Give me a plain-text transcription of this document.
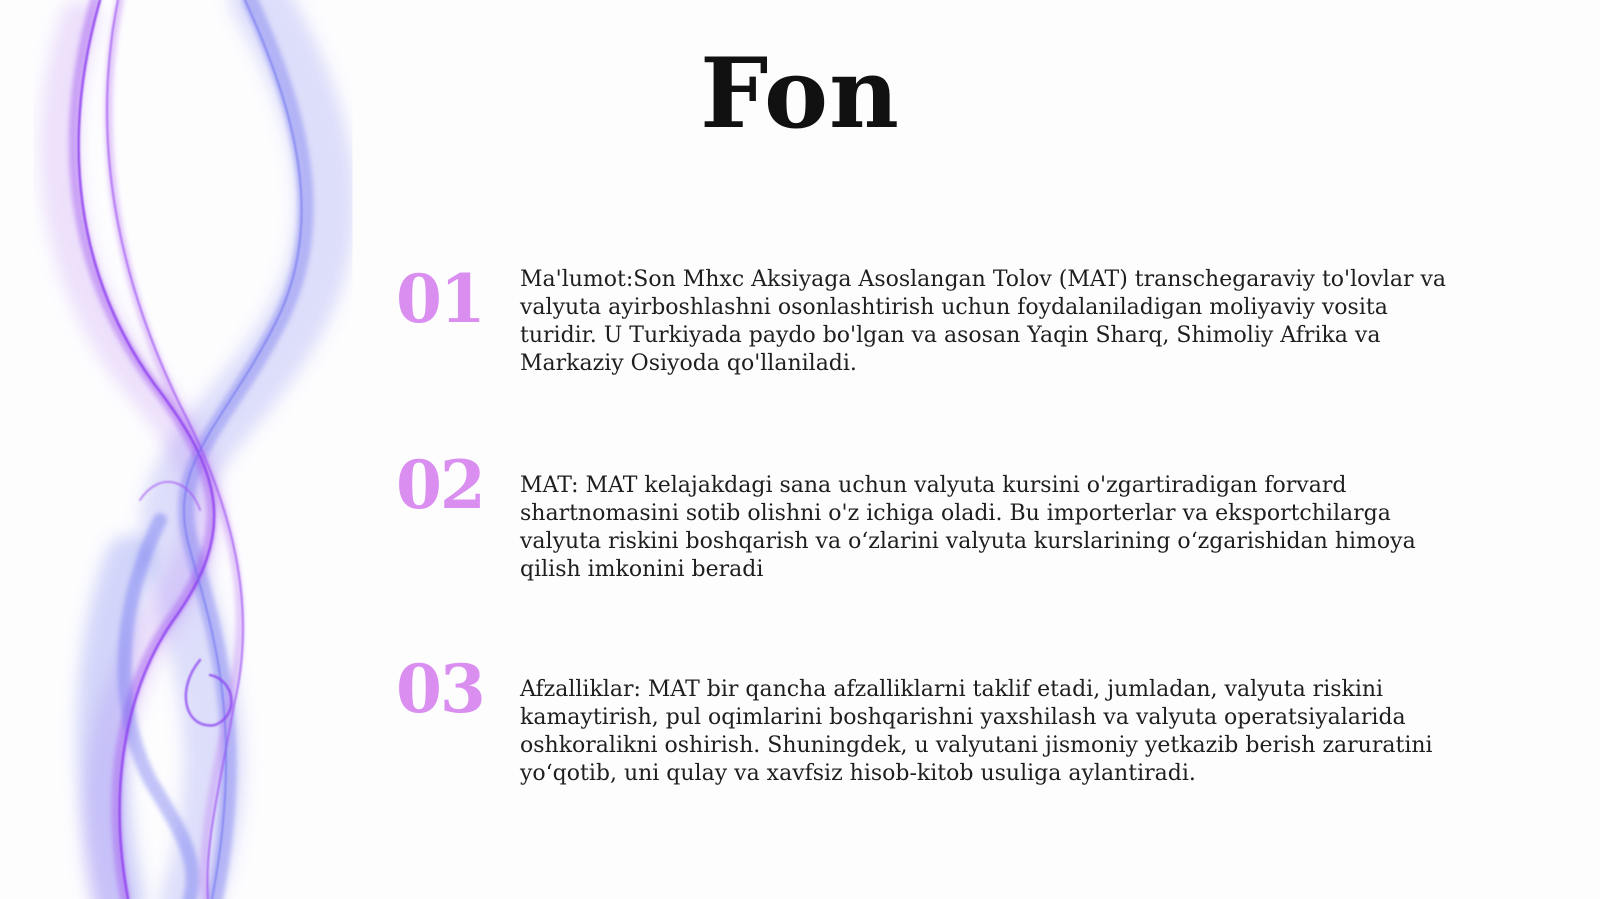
Fon
01	Ma'lumot:Son Mhxc Aksiyaga Asoslangan Tolov (MAT) transchegaraviy to'lovlar va valyuta ayirboshlashni osonlashtirish uchun foydalaniladigan moliyaviy vosita turidir. U Turkiyada paydo bo'lgan va asosan Yaqin Sharq, Shimoliy Afrika va Markaziy Osiyoda qo'llaniladi.

02	MAT: MAT kelajakdagi sana uchun valyuta kursini o'zgartiradigan forvard shartnomasini sotib olishni o'z ichiga oladi. Bu importerlar va eksportchilarga valyuta riskini boshqarish va o‘zlarini valyuta kurslarining o‘zgarishidan himoya qilish imkonini beradi

03	Afzalliklar: MAT bir qancha afzalliklarni taklif etadi, jumladan, valyuta riskini kamaytirish, pul oqimlarini boshqarishni yaxshilash va valyuta operatsiyalarida oshkoralikni oshirish. Shuningdek, u valyutani jismoniy yetkazib berish zaruratini yo‘qotib, uni qulay va xavfsiz hisob-kitob usuliga aylantiradi.
